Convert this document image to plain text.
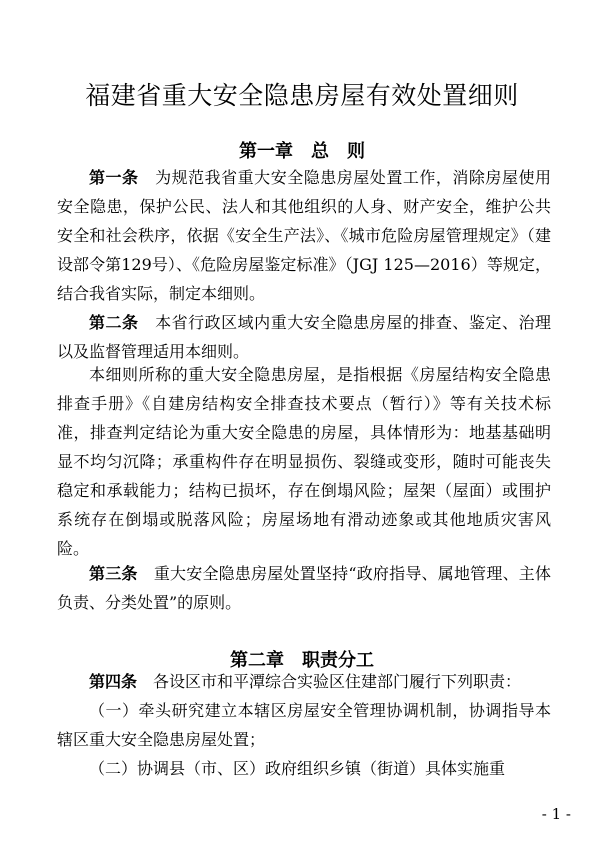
福建省重大安全隐患房屋有效处置细则
第一章　总　则
第一条　为规范我省重大安全隐患房屋处置工作，消除房屋使用安全隐患，保护公民、法人和其他组织的人身、财产安全，维护公共安全和社会秩序，依据《安全生产法》、《城市危险房屋管理规定》（建设部令第129号）、《危险房屋鉴定标准》（JGJ 125—2016）等规定，结合我省实际，制定本细则。
第二条　本省行政区域内重大安全隐患房屋的排查、鉴定、治理以及监督管理适用本细则。
本细则所称的重大安全隐患房屋，是指根据《房屋结构安全隐患排查手册》《自建房结构安全排查技术要点（暂行）》等有关技术标准，排查判定结论为重大安全隐患的房屋，具体情形为：地基基础明显不均匀沉降；承重构件存在明显损伤、裂缝或变形，随时可能丧失稳定和承载能力；结构已损坏，存在倒塌风险；屋架（屋面）或围护系统存在倒塌或脱落风险；房屋场地有滑动迹象或其他地质灾害风险。
第三条　重大安全隐患房屋处置坚持“政府指导、属地管理、主体负责、分类处置”的原则。
第二章　职责分工
第四条　各设区市和平潭综合实验区住建部门履行下列职责：
（一）牵头研究建立本辖区房屋安全管理协调机制，协调指导本辖区重大安全隐患房屋处置；
（二）协调县（市、区）政府组织乡镇（街道）具体实施重
- 1 -
